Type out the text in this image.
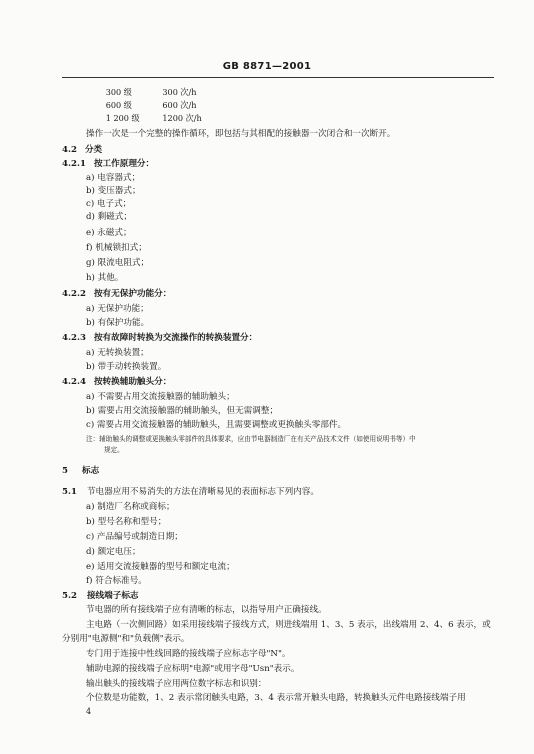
GB 8871—2001
300 级	300 次/h
600 级	600 次/h
1 200 级	1200 次/h
操作一次是一个完整的操作循环，即包括与其相配的接触器一次闭合和一次断开。
4.2 分类
4.2.1 按工作原理分：
a) 电容器式；
b) 变压器式；
c) 电子式；
d) 剩磁式；
e) 永磁式；
f) 机械锁扣式；
g) 限流电阻式；
h) 其他。
4.2.2 按有无保护功能分：
a) 无保护功能；
b) 有保护功能。
4.2.3 按有故障时转换为交流操作的转换装置分：
a) 无转换装置；
b) 带手动转换装置。
4.2.4 按转换辅助触头分：
a) 不需要占用交流接触器的辅助触头；
b) 需要占用交流接触器的辅助触头，但无需调整；
c) 需要占用交流接触器的辅助触头，且需要调整或更换触头零部件。
注：辅助触头的调整或更换触头零部件的具体要求，应由节电器制造厂在有关产品技术文件（如使用说明书等）中
规定。
5 标志
5.1 节电器应用不易消失的方法在清晰易见的表面标志下列内容。
a) 制造厂名称或商标；
b) 型号名称和型号；
c) 产品编号或制造日期；
d) 额定电压；
e) 适用交流接触器的型号和额定电流；
f) 符合标准号。
5.2 接线端子标志
节电器的所有接线端子应有清晰的标志，以指导用户正确接线。
主电路（一次侧回路）如采用接线端子接线方式，则进线端用 1、3、5 表示，出线端用 2、4、6 表示，或
分别用"电源侧"和"负载侧"表示。
专门用于连接中性线回路的接线端子应标志字母"N"。
辅助电源的接线端子应标明"电源"或用字母"Usn"表示。
输出触头的接线端子应用两位数字标志和识别：
个位数是功能数，1、2 表示常闭触头电路，3、4 表示常开触头电路，转换触头元件电路接线端子用
4
